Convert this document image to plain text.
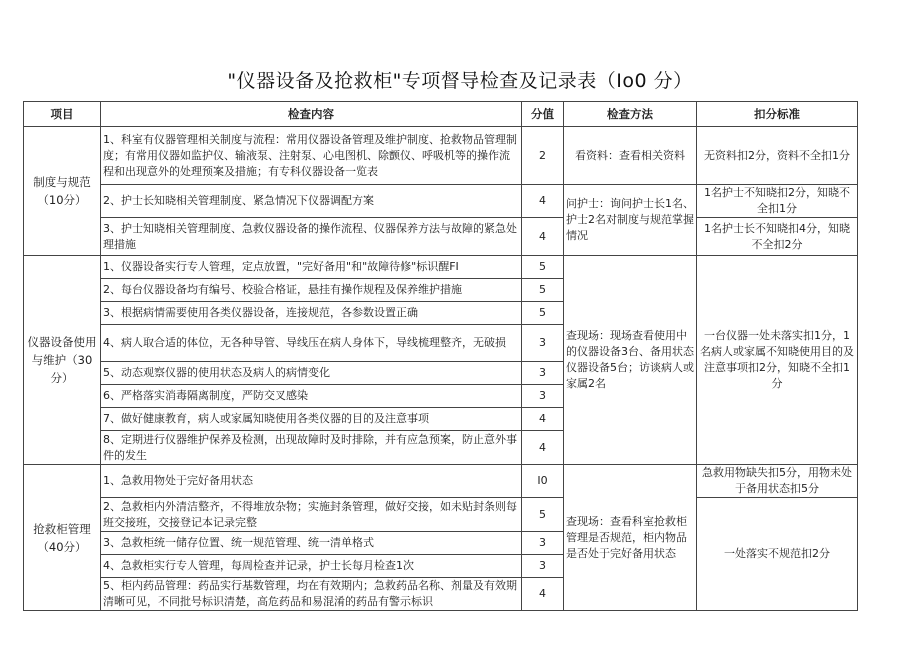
"仪器设备及抢救柜"专项督导检查及记录表（Io0 分）
项目	检查内容	分值	检查方法	扣分标准
制度与规范（10分）	1、科室有仪器管理相关制度与流程：常用仪器设备管理及维护制度、抢救物品管理制度；有常用仪器如监护仪、输液泵、注射泵、心电图机、除颤仪、呼吸机等的操作流程和出现意外的处理预案及措施；有专科仪器设备一览表	2	看资料：查看相关资料	无资料扣2分，资料不全扣1分
	2、护士长知晓相关管理制度、紧急情况下仪器调配方案	4	问护士：询问护士长1名、护士2名对制度与规范掌握情况	1名护士不知晓扣2分，知晓不全扣1分
	3、护士知晓相关管理制度、急救仪器设备的操作流程、仪器保养方法与故障的紧急处理措施	4		1名护士长不知晓扣4分，知晓不全扣2分
仪器设备使用与维护（30分）	1、仪器设备实行专人管理，定点放置，"完好备用"和"故障待修"标识醒FI	5	查现场：现场查看使用中的仪器设备3台、备用状态仪器设备5台；访谈病人或家属2名	一台仪器一处未落实扣1分，1名病人或家属不知晓使用目的及注意事项扣2分，知晓不全扣1分
	2、每台仪器设备均有编号、校验合格证，悬挂有操作规程及保养维护措施	5		
	3、根据病情需要使用各类仪器设备，连接规范，各参数设置正确	5		
	4、病人取合适的体位，无各种导管、导线压在病人身体下，导线梳理整齐，无破损	3		
	5、动态观察仪器的使用状态及病人的病情变化	3		
	6、严格落实消毒隔离制度，严防交叉感染	3		
	7、做好健康教育，病人或家属知晓使用各类仪器的目的及注意事项	4		
	8、定期进行仪器维护保养及检测，出现故障时及时排除，并有应急预案，防止意外事件的发生	4		
抢救柜管理（40分）	1、急救用物处于完好备用状态	I0	查现场：查看科室抢救柜管理是否规范，柜内物品是否处于完好备用状态	急救用物缺失扣5分，用物未处于备用状态扣5分
	2、急救柜内外清洁整齐，不得堆放杂物；实施封条管理，做好交接，如未贴封条则每班交接班，交接登记本记录完整	5		一处落实不规范扣2分
	3、急救柜统一储存位置、统一规范管理、统一清单格式	3		
	4、急救柜实行专人管理，每周检查并记录，护士长每月检查1次	3		
	5、柜内药品管理：药品实行基数管理，均在有效期内；急救药品名称、剂量及有效期清晰可见，不同批号标识清楚，高危药品和易混淆的药品有警示标识	4		
